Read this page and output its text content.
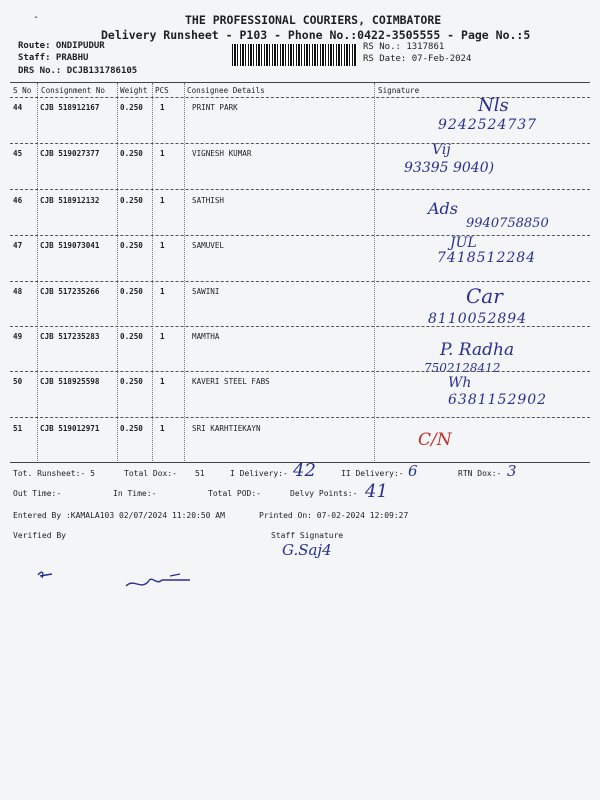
-	THE PROFESSIONAL COURIERS, COIMBATORE
Delivery Runsheet - P103 - Phone No.:0422-3505555 - Page No.:5
Route: ONDIPUDUR
Staff: PRABHU
DRS No.: DCJB131786105
RS No.: 1317861
RS Date: 07-Feb-2024
S No Consignment No Weight PCS Consignee Details	Signature
44 CJB 518912167	0.250 1	PRINT PARK	Nls
9242524737
45 CJB 519027377	0.250 1	VIGNESH KUMAR	Vij
93395 9040)
46 CJB 518912132	0.250 1	SATHISH	Ads
9940758850
47 CJB 519073041	0.250 1	SAMUVEL	JUL
7418512284
48 CJB 517235266	0.250 1	SAWINI	Car
8110052894
49 CJB 517235283	0.250 1	MAMTHA
P. Radha
7502128412
50 CJB 518925598	0.250 1	KAVERI STEEL FABS	Wh
6381152902
51 CJB 519012971	0.250 1	SRI KARHTIEKAYN
C/N
Tot. Runsheet:- 5	Total Dox:- 51	I Delivery:- 42	II Delivery:- 6	RTN Dox:- 3
Out Time:-	In Time:-	Total POD:-	Delvy Points:- 41
Entered By :KAMALA103 02/07/2024 11:20:50 AM	Printed On: 07-02-2024 12:09:27
Verified By	Staff Signature
G.Saj4
